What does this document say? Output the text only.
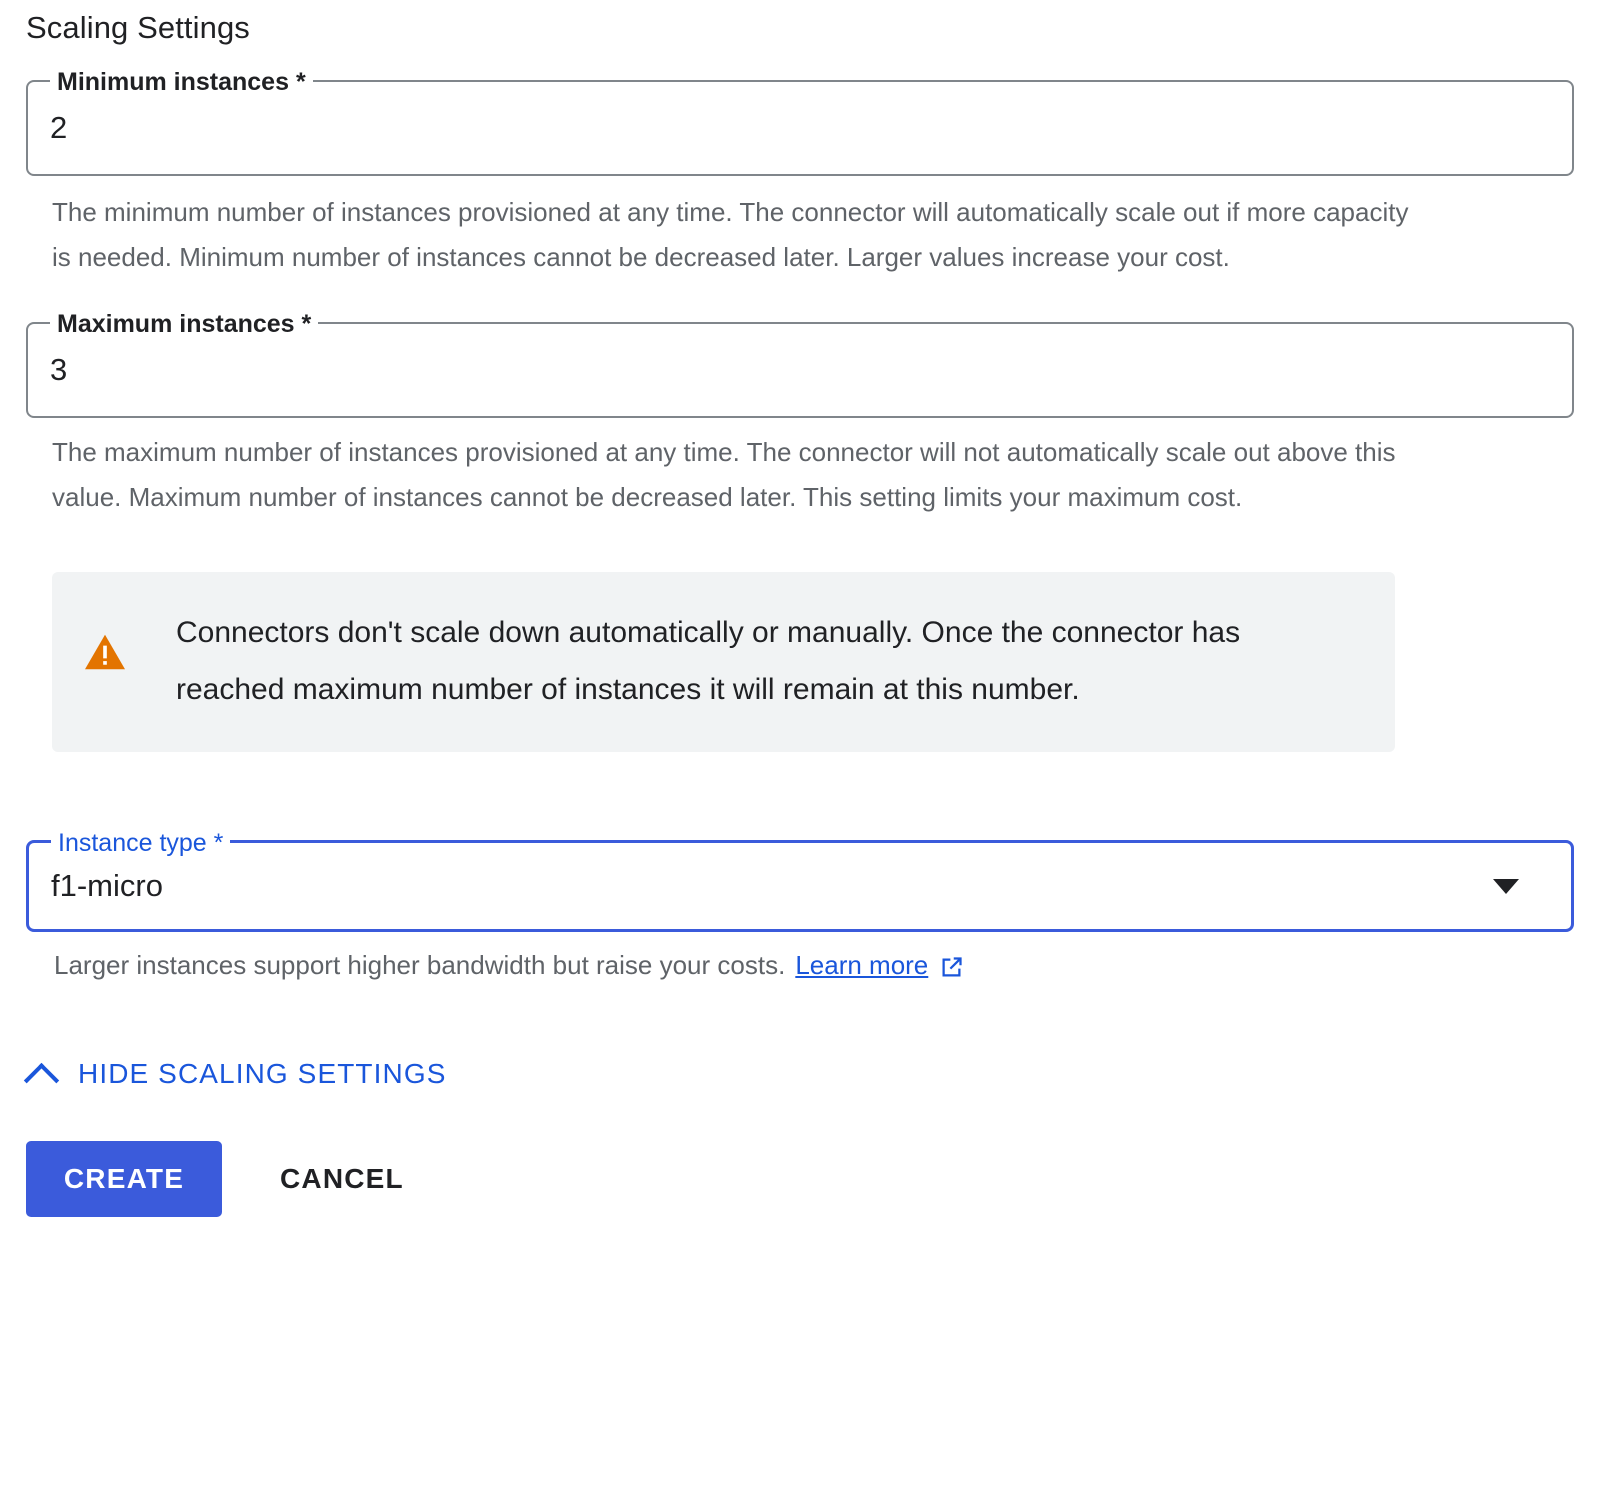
Scaling Settings
Minimum instances *
2
The minimum number of instances provisioned at any time. The connector will automatically scale out if more capacity is needed. Minimum number of instances cannot be decreased later. Larger values increase your cost.
Maximum instances *
3
The maximum number of instances provisioned at any time. The connector will not automatically scale out above this value. Maximum number of instances cannot be decreased later. This setting limits your maximum cost.
Connectors don't scale down automatically or manually. Once the connector has reached maximum number of instances it will remain at this number.
Instance type *
f1-micro
Larger instances support higher bandwidth but raise your costs. Learn more
HIDE SCALING SETTINGS
CREATE	CANCEL
